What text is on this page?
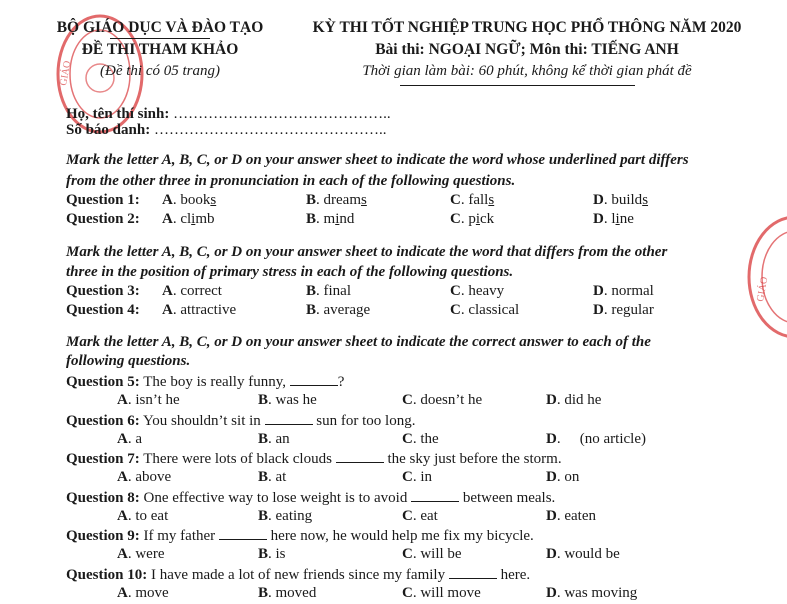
GIÁO
GIÁO
BỘ GIÁO DỤC VÀ ĐÀO TẠO
ĐỀ THI THAM KHẢO
(Đề thi có 05 trang)
KỲ THI TỐT NGHIỆP TRUNG HỌC PHỔ THÔNG NĂM 2020
Bài thi: NGOẠI NGỮ; Môn thi: TIẾNG ANH
Thời gian làm bài: 60 phút, không kể thời gian phát đề
Họ, tên thí sinh: ……………………………………..
Số báo danh: ………………………………………..
Mark the letter A, B, C, or D on your answer sheet to indicate the word whose underlined part differs
from the other three in pronunciation in each of the following questions.
Question 1: A. books	B. dreams	C. falls	D. builds
Question 2: A. climb	B. mind	C. pick	D. line
Mark the letter A, B, C, or D on your answer sheet to indicate the word that differs from the other
three in the position of primary stress in each of the following questions.
Question 3: A. correct	B. final	C. heavy	D. normal
Question 4: A. attractive	B. average	C. classical	D. regular
Mark the letter A, B, C, or D on your answer sheet to indicate the correct answer to each of the
following questions.
Question 5: The boy is really funny,	?
A. isn’t he	B. was he	C. doesn’t he	D. did he
Question 6: You shouldn’t sit in	sun for too long.
A. a	B. an	C. the	D. ⃠ (no article)
Question 7: There were lots of black clouds	the sky just before the storm.
A. above	B. at	C. in	D. on
Question 8: One effective way to lose weight is to avoid	between meals.
A. to eat	B. eating	C. eat	D. eaten
Question 9: If my father	here now, he would help me fix my bicycle.
A. were	B. is	C. will be	D. would be
Question 10: I have made a lot of new friends since my family	here.
A. move	B. moved	C. will move	D. was moving
